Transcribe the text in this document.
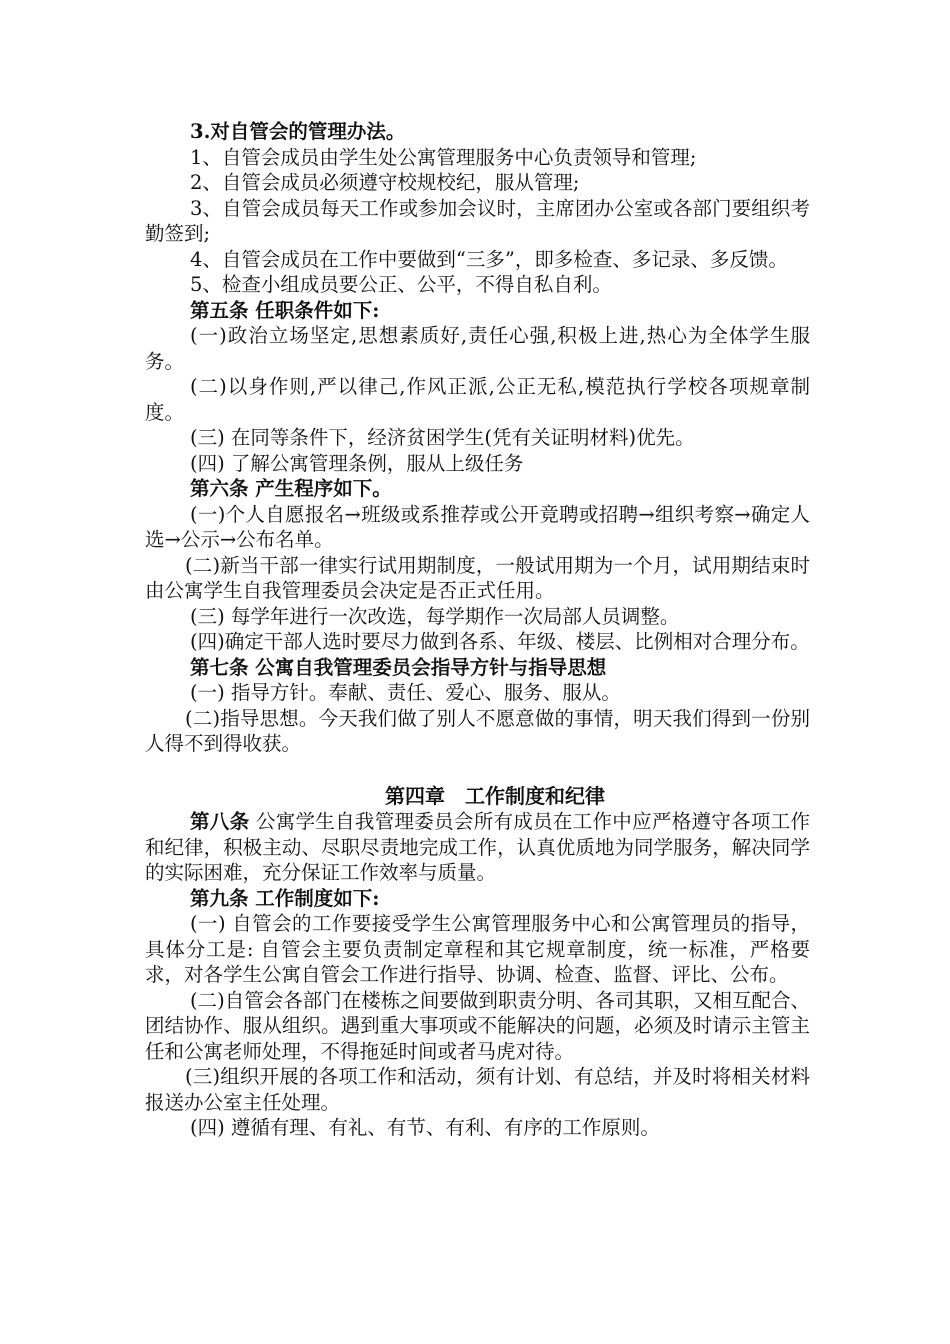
3.对自管会的管理办法。

1、自管会成员由学生处公寓管理服务中心负责领导和管理;

2、自管会成员必须遵守校规校纪，服从管理;

3、自管会成员每天工作或参加会议时，主席团办公室或各部门要组织考勤签到;

4、自管会成员在工作中要做到“三多”，即多检查、多记录、多反馈。

5、检查小组成员要公正、公平，不得自私自利。

第五条 任职条件如下:

(一)政治立场坚定,思想素质好,责任心强,积极上进,热心为全体学生服务。

(二)以身作则,严以律己,作风正派,公正无私,模范执行学校各项规章制度。

(三) 在同等条件下，经济贫困学生(凭有关证明材料)优先。

(四) 了解公寓管理条例，服从上级任务

第六条 产生程序如下。

(一)个人自愿报名→班级或系推荐或公开竟聘或招聘→组织考察→确定人选→公示→公布名单。

(二)新当干部一律实行试用期制度，一般试用期为一个月，试用期结束时由公寓学生自我管理委员会决定是否正式任用。

(三) 每学年进行一次改选，每学期作一次局部人员调整。

(四)确定干部人选时要尽力做到各系、年级、楼层、比例相对合理分布。

第七条 公寓自我管理委员会指导方针与指导思想

(一) 指导方针。奉献、责任、爱心、服务、服从。

(二)指导思想。今天我们做了别人不愿意做的事情，明天我们得到一份别人得不到得收获。

第四章　工作制度和纪律

第八条 公寓学生自我管理委员会所有成员在工作中应严格遵守各项工作和纪律，积极主动、尽职尽责地完成工作，认真优质地为同学服务，解决同学的实际困难，充分保证工作效率与质量。

第九条 工作制度如下:

(一) 自管会的工作要接受学生公寓管理服务中心和公寓管理员的指导，具体分工是: 自管会主要负责制定章程和其它规章制度，统一标准，严格要求，对各学生公寓自管会工作进行指导、协调、检查、监督、评比、公布。

(二)自管会各部门在楼栋之间要做到职责分明、各司其职，又相互配合、团结协作、服从组织。遇到重大事项或不能解决的问题，必须及时请示主管主任和公寓老师处理，不得拖延时间或者马虎对待。

(三)组织开展的各项工作和活动，须有计划、有总结，并及时将相关材料报送办公室主任处理。

(四) 遵循有理、有礼、有节、有利、有序的工作原则。
